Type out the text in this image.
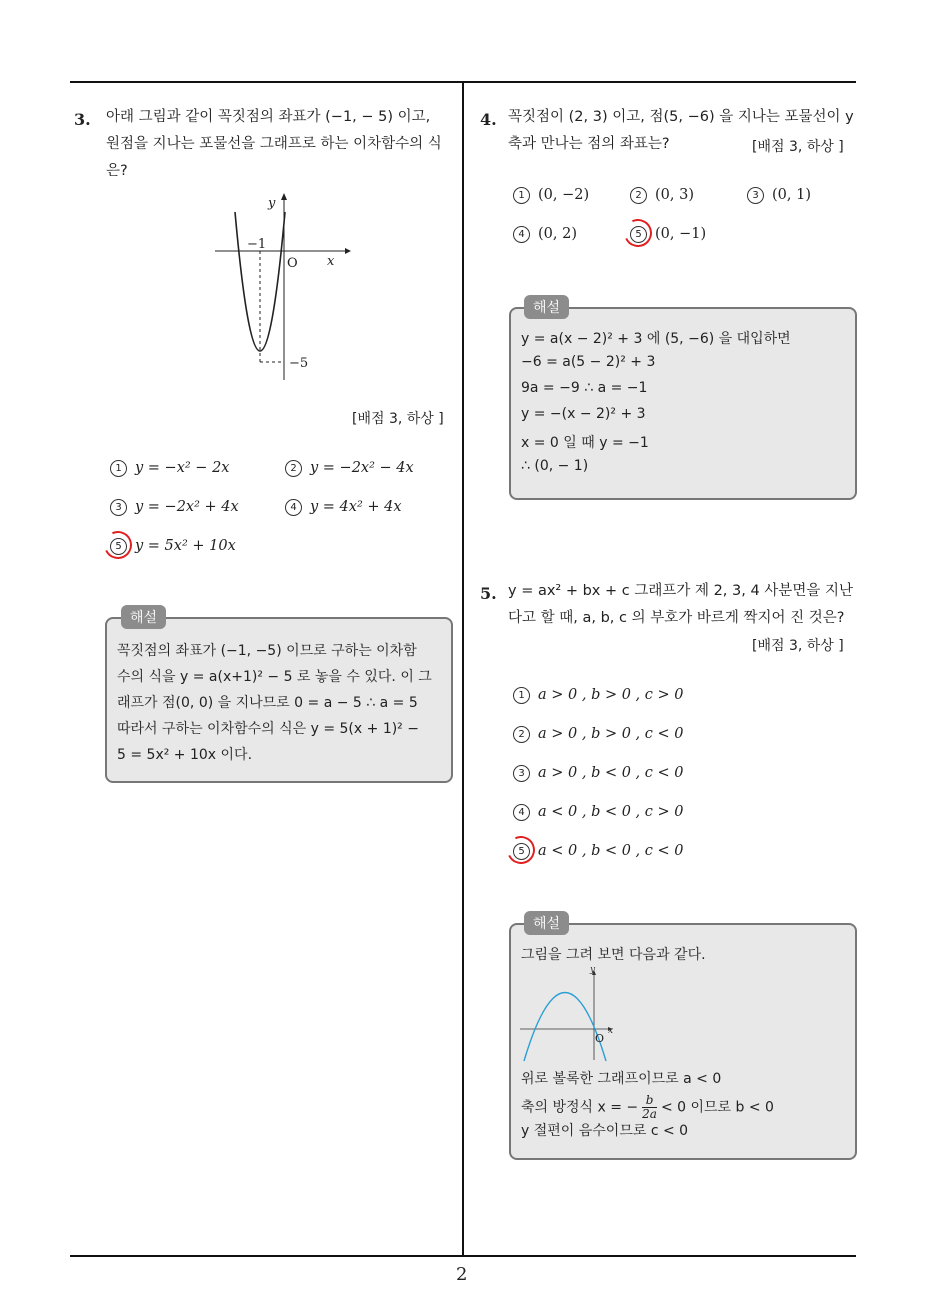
2
3. 아래 그림과 같이 꼭짓점의 좌표가 (−1, − 5) 이고,
원점을 지나는 포물선을 그래프로 하는 이차함수의 식
은?
y
x
O
−1
−5
[배점 3, 하상 ]
1 y = −x² − 2x	2 y = −2x² − 4x
3 y = −2x² + 4x	4 y = 4x² + 4x
5 y = 5x² + 10x
해설
꼭짓점의 좌표가 (−1, −5) 이므로 구하는 이차함
수의 식을 y = a(x+1)² − 5 로 놓을 수 있다. 이 그
래프가 점(0, 0) 을 지나므로 0 = a − 5 ∴ a = 5
따라서 구하는 이차함수의 식은 y = 5(x + 1)² −
5 = 5x² + 10x 이다.
4. 꼭짓점이 (2, 3) 이고, 점(5, −6) 을 지나는 포물선이 y
축과 만나는 점의 좌표는?	[배점 3, 하상 ]
1 (0, −2)	2 (0, 3)	3 (0, 1)
4 (0, 2)	5 (0, −1)
해설
y = a(x − 2)² + 3 에 (5, −6) 을 대입하면
−6 = a(5 − 2)² + 3
9a = −9 ∴ a = −1
y = −(x − 2)² + 3
x = 0 일 때 y = −1
∴ (0, − 1)
5. y = ax² + bx + c 그래프가 제 2, 3, 4 사분면을 지난
다고 할 때, a, b, c 의 부호가 바르게 짝지어 진 것은?
[배점 3, 하상 ]
1 a > 0 , b > 0 , c > 0
2 a > 0 , b > 0 , c < 0
3 a > 0 , b < 0 , c < 0
4 a < 0 , b < 0 , c > 0
5 a < 0 , b < 0 , c < 0
해설
그림을 그려 보면 다음과 같다.
y
x
O
위로 볼록한 그래프이므로 a < 0
축의 방정식 x = − $\frac{b}{2a} < 0$ 이므로 b < 0
y 절편이 음수이므로 c < 0
